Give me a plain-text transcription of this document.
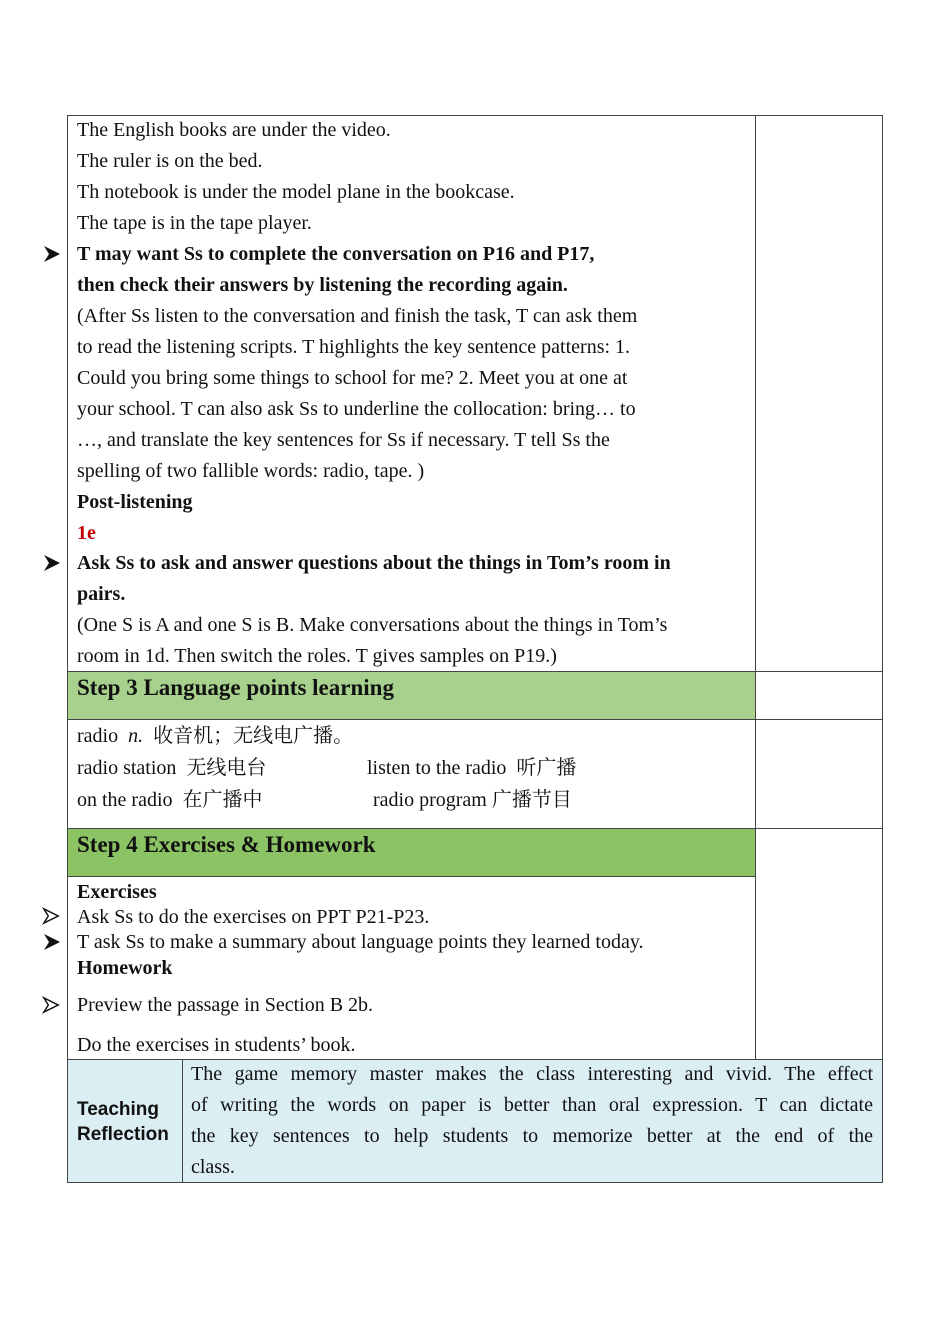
The English books are under the video.
The ruler is on the bed.
Th notebook is under the model plane in the bookcase.
The tape is in the tape player.
T may want Ss to complete the conversation on P16 and P17,
then check their answers by listening the recording again.
(After Ss listen to the conversation and finish the task, T can ask them
to read the listening scripts. T highlights the key sentence patterns: 1.
Could you bring some things to school for me? 2. Meet you at one at
your school. T can also ask Ss to underline the collocation: bring… to
…, and translate the key sentences for Ss if necessary. T tell Ss the
spelling of two fallible words: radio, tape. )
Post-listening
1e
Ask Ss to ask and answer questions about the things in Tom’s room in
pairs.
(One S is A and one S is B. Make conversations about the things in Tom’s
room in 1d. Then switch the roles. T gives samples on P19.)
Step 3 Language points learning
radio n. 收音机；无线电广播。
radio station 无线电台	listen to the radio 听广播
on the radio 在广播中	radio program 广播节目
Step 4 Exercises & Homework
Exercises
Ask Ss to do the exercises on PPT P21-P23.
T ask Ss to make a summary about language points they learned today.
Homework
Preview the passage in Section B 2b.
Do the exercises in students’ book.
Teaching
Reflection
The game memory master makes the class interesting and vivid. The effect
of writing the words on paper is better than oral expression. T can dictate
the key sentences to help students to memorize better at the end of the
class.
